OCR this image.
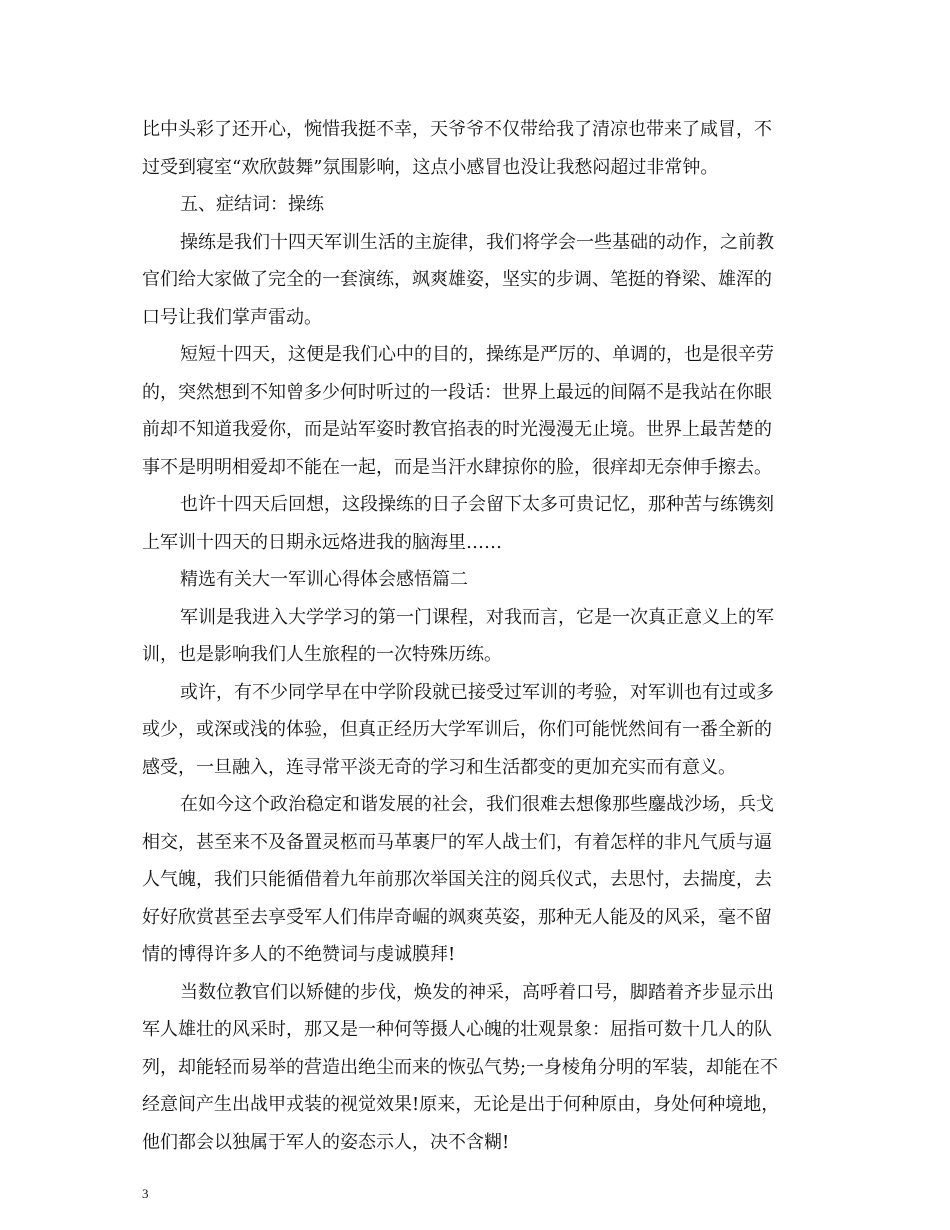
比中头彩了还开心，惋惜我挺不幸，天爷爷不仅带给我了清凉也带来了咸冒，不
过受到寝室“欢欣鼓舞”氛围影响，这点小感冒也没让我愁闷超过非常钟。
五、症结词：操练
操练是我们十四天军训生活的主旋律，我们将学会一些基础的动作，之前教
官们给大家做了完全的一套演练，飒爽雄姿，坚实的步调、笔挺的脊梁、雄浑的
口号让我们掌声雷动。
短短十四天，这便是我们心中的目的，操练是严厉的、单调的，也是很辛劳
的，突然想到不知曾多少何时听过的一段话：世界上最远的间隔不是我站在你眼
前却不知道我爱你，而是站军姿时教官掐表的时光漫漫无止境。世界上最苦楚的
事不是明明相爱却不能在一起，而是当汗水肆掠你的脸，很痒却无奈伸手擦去。
也许十四天后回想，这段操练的日子会留下太多可贵记忆，那种苦与练镌刻
上军训十四天的日期永远烙进我的脑海里……
精选有关大一军训心得体会感悟篇二
军训是我进入大学学习的第一门课程，对我而言，它是一次真正意义上的军
训，也是影响我们人生旅程的一次特殊历练。
或许，有不少同学早在中学阶段就已接受过军训的考验，对军训也有过或多
或少，或深或浅的体验，但真正经历大学军训后，你们可能恍然间有一番全新的
感受，一旦融入，连寻常平淡无奇的学习和生活都变的更加充实而有意义。
在如今这个政治稳定和谐发展的社会，我们很难去想像那些鏖战沙场，兵戈
相交，甚至来不及备置灵柩而马革裹尸的军人战士们，有着怎样的非凡气质与逼
人气魄，我们只能循借着九年前那次举国关注的阅兵仪式，去思忖，去揣度，去
好好欣赏甚至去享受军人们伟岸奇崛的飒爽英姿，那种无人能及的风采，毫不留
情的博得许多人的不绝赞词与虔诚膜拜!
当数位教官们以矫健的步伐，焕发的神采，高呼着口号，脚踏着齐步显示出
军人雄壮的风采时，那又是一种何等摄人心魄的壮观景象：屈指可数十几人的队
列，却能轻而易举的营造出绝尘而来的恢弘气势;一身棱角分明的军装，却能在不
经意间产生出战甲戎装的视觉效果!原来，无论是出于何种原由，身处何种境地，
他们都会以独属于军人的姿态示人，决不含糊!
3
